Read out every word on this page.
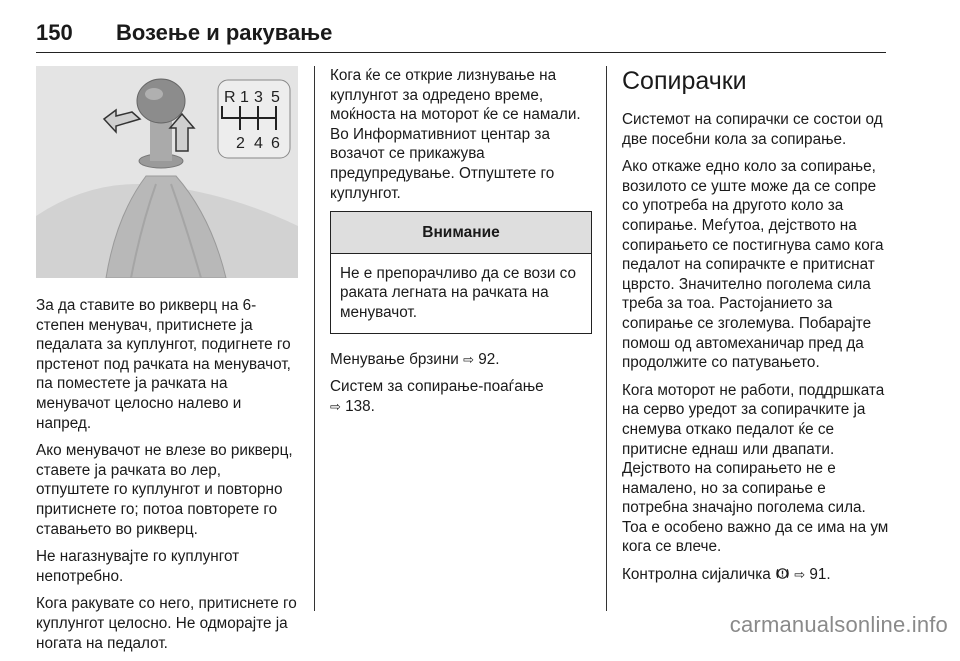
150 Возење и ракување
R 1 3 5
2 4 6

За да ставите во рикверц на 6-степен менувач, притиснете ја педалата за куплунгот, подигнете го прстенот под рачката на менувачот, па поместете ја рачката на менувачот целосно налево и напред.

Ако менувачот не влезе во рикверц, ставете ја рачката во лер, отпуштете го куплунгот и повторно притиснете го; потоа повторете го ставањето во рикверц.

Не нагазнувајте го куплунгот непотребно.

Кога ракувате со него, притиснете го куплунгот целосно. Не одморајте ја ногата на педалот.

Кога ќе се открие лизнување на куплунгот за одредено време, моќноста на моторот ќе се намали. Во Информативниот центар за возачот се прикажува предупредување. Отпуштете го куплунгот.

Внимание
Не е препорачливо да се вози со раката легната на рачката на менувачот.

Менување брзини ⇨ 92.

Систем за сопирање-поаѓање
⇨ 138.

Сопирачки

Системот на сопирачки се состои од две посебни кола за сопирање.

Ако откаже едно коло за сопирање, возилото се уште може да се сопре со употреба на другото коло за сопирање. Меѓутоа, дејството на сопирањето се постигнува само кога педалот на сопирачкте е притиснат цврсто. Значително поголема сила треба за тоа. Растојанието за сопирање се зголемува. Побарајте помош од автомеханичар пред да продолжите со патувањето.

Кога моторот не работи, поддршката на серво уредот за сопирачките ја снемува откако педалот ќе се притисне еднаш или двапати. Дејството на сопирањето не е намалено, но за сопирање е потребна значајно поголема сила. Тоа е особено важно да се има на ум кога се влече.

Контролна сијаличка ⇨ 91.

carmanualsonline.info
